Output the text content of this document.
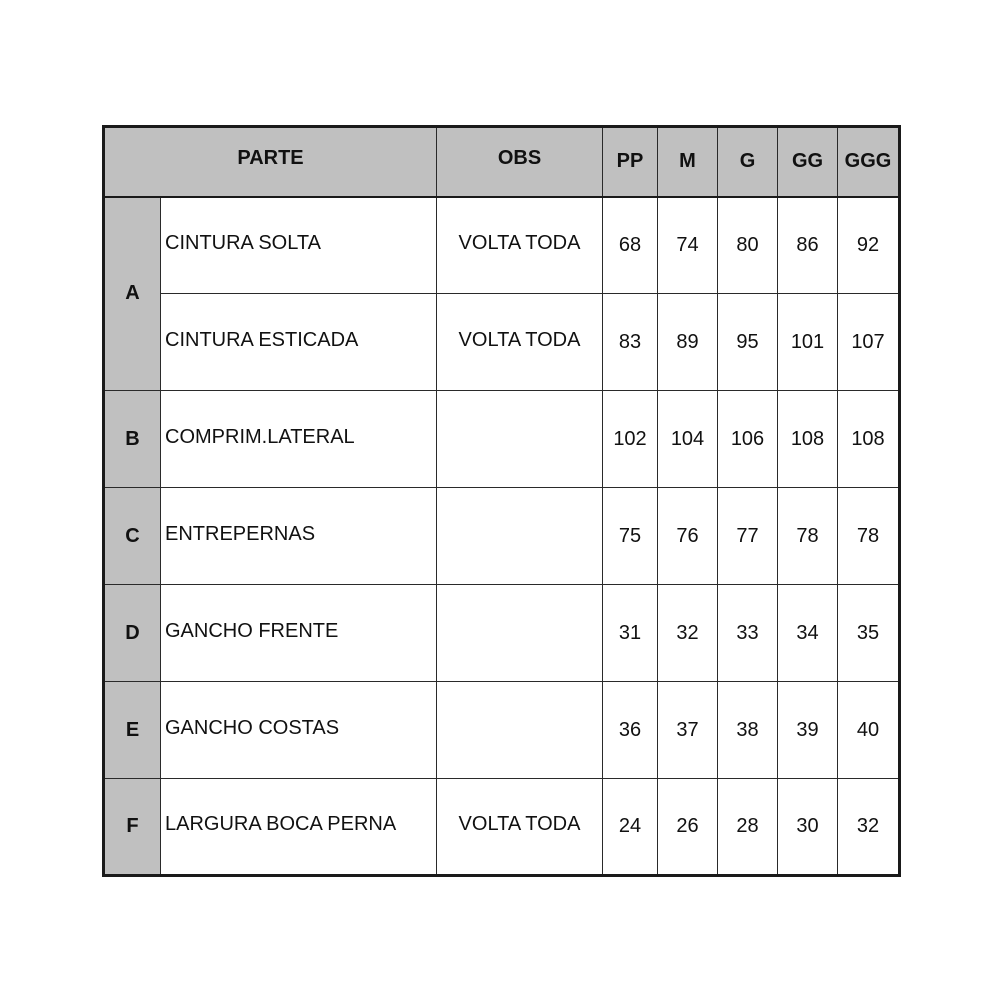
PARTE		OBS	PP	M	G	GG	GGG
A	CINTURA SOLTA	VOLTA TODA	68	74	80	86	92
	CINTURA ESTICADA	VOLTA TODA	83	89	95	101	107
B	COMPRIM.LATERAL		102	104	106	108	108
C	ENTREPERNAS		75	76	77	78	78
D	GANCHO FRENTE		31	32	33	34	35
E	GANCHO COSTAS		36	37	38	39	40
F	LARGURA BOCA PERNA	VOLTA TODA	24	26	28	30	32
